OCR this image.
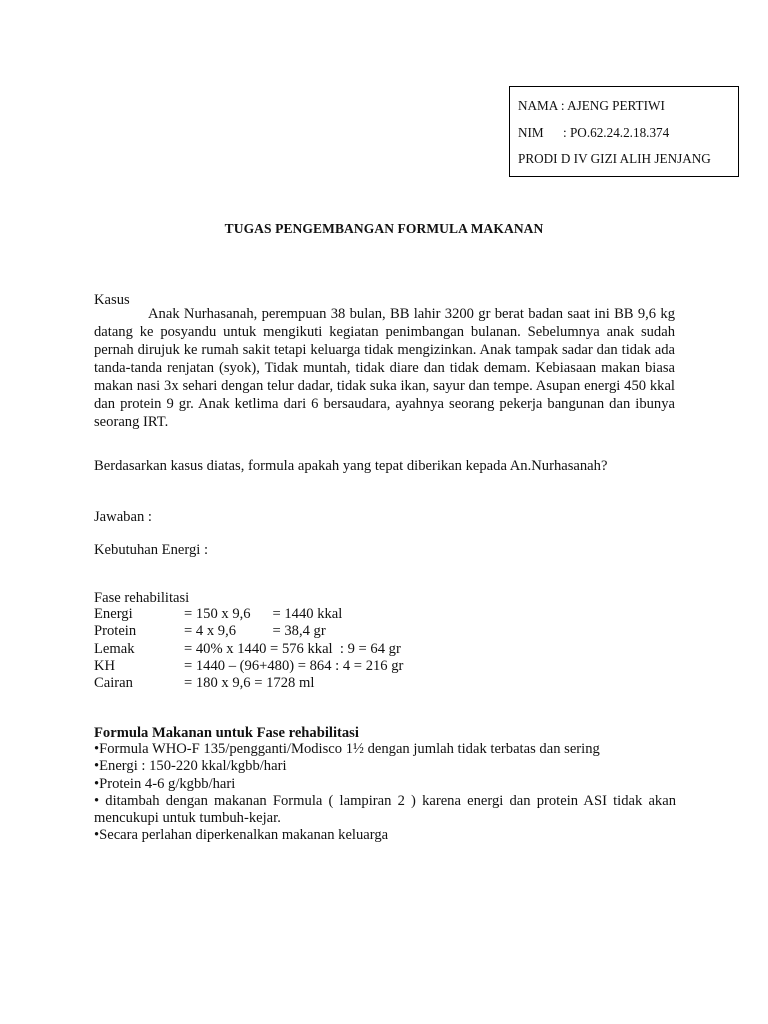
NAMA : AJENG PERTIWI
NIM : PO.62.24.2.18.374
PRODI D IV GIZI ALIH JENJANG
TUGAS PENGEMBANGAN FORMULA MAKANAN
Kasus
Anak Nurhasanah, perempuan 38 bulan, BB lahir 3200 gr berat badan saat ini BB 9,6 kg datang ke posyandu untuk mengikuti kegiatan penimbangan bulanan. Sebelumnya anak sudah pernah dirujuk ke rumah sakit tetapi keluarga tidak mengizinkan. Anak tampak sadar dan tidak ada tanda-tanda renjatan (syok), Tidak muntah, tidak diare dan tidak demam. Kebiasaan makan biasa makan nasi 3x sehari dengan telur dadar, tidak suka ikan, sayur dan tempe. Asupan energi 450 kkal dan protein 9 gr. Anak ketlima dari 6 bersaudara, ayahnya seorang pekerja bangunan dan ibunya seorang IRT.
Berdasarkan kasus diatas, formula apakah yang tepat diberikan kepada An.Nurhasanah?
Jawaban :
Kebutuhan Energi :
Fase rehabilitasi
Energi	= 150 x 9,6      = 1440 kkal
Protein	= 4 x 9,6          = 38,4 gr
Lemak	= 40% x 1440 = 576 kkal  : 9 = 64 gr
KH	= 1440 – (96+480) = 864 : 4 = 216 gr
Cairan	= 180 x 9,6 = 1728 ml
Formula Makanan untuk Fase rehabilitasi
•Formula WHO-F 135/pengganti/Modisco 1½ dengan jumlah tidak terbatas dan sering
•Energi : 150-220 kkal/kgbb/hari
•Protein 4-6 g/kgbb/hari
• ditambah dengan makanan Formula ( lampiran 2 ) karena energi dan protein ASI tidak akan mencukupi untuk tumbuh-kejar.
•Secara perlahan diperkenalkan makanan keluarga
